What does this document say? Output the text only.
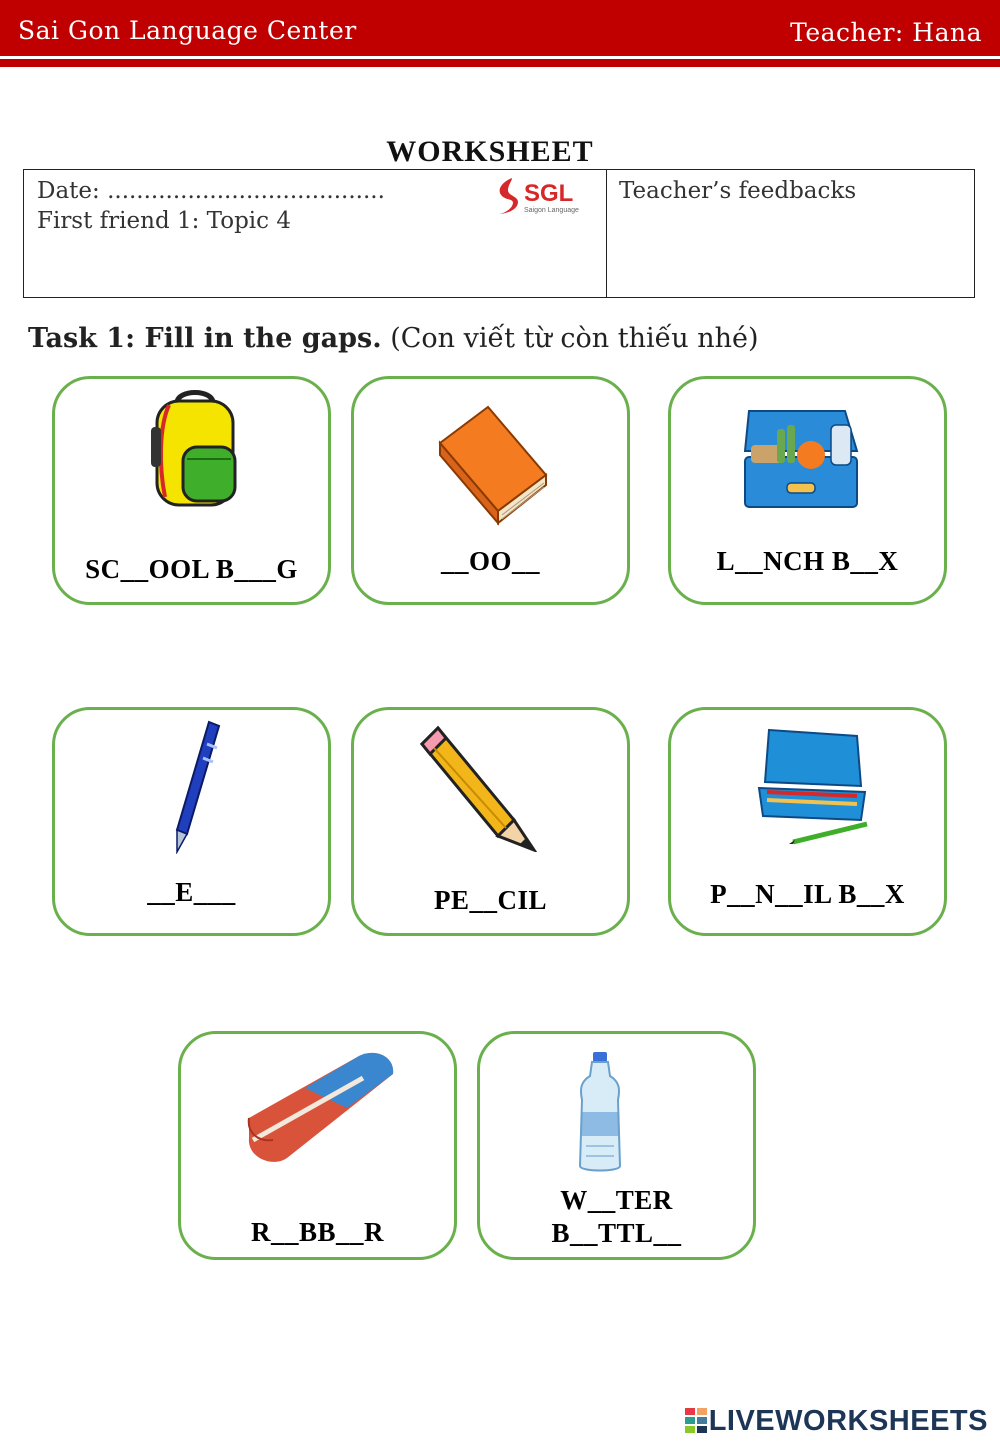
Sai Gon Language Center	Teacher: Hana
WORKSHEET
Date: ......................................
First friend 1: Topic 4
SGL
Saigon Language
Teacher’s feedbacks
Task 1: Fill in the gaps. (Con viết từ còn thiếu nhé)
SC__OOL B___G	__OO__	L__NCH B__X
__E___	PE__CIL	P__N__IL B__X
R__BB__R
W__TER
B__TTL__
LIVEWORKSHEETS
